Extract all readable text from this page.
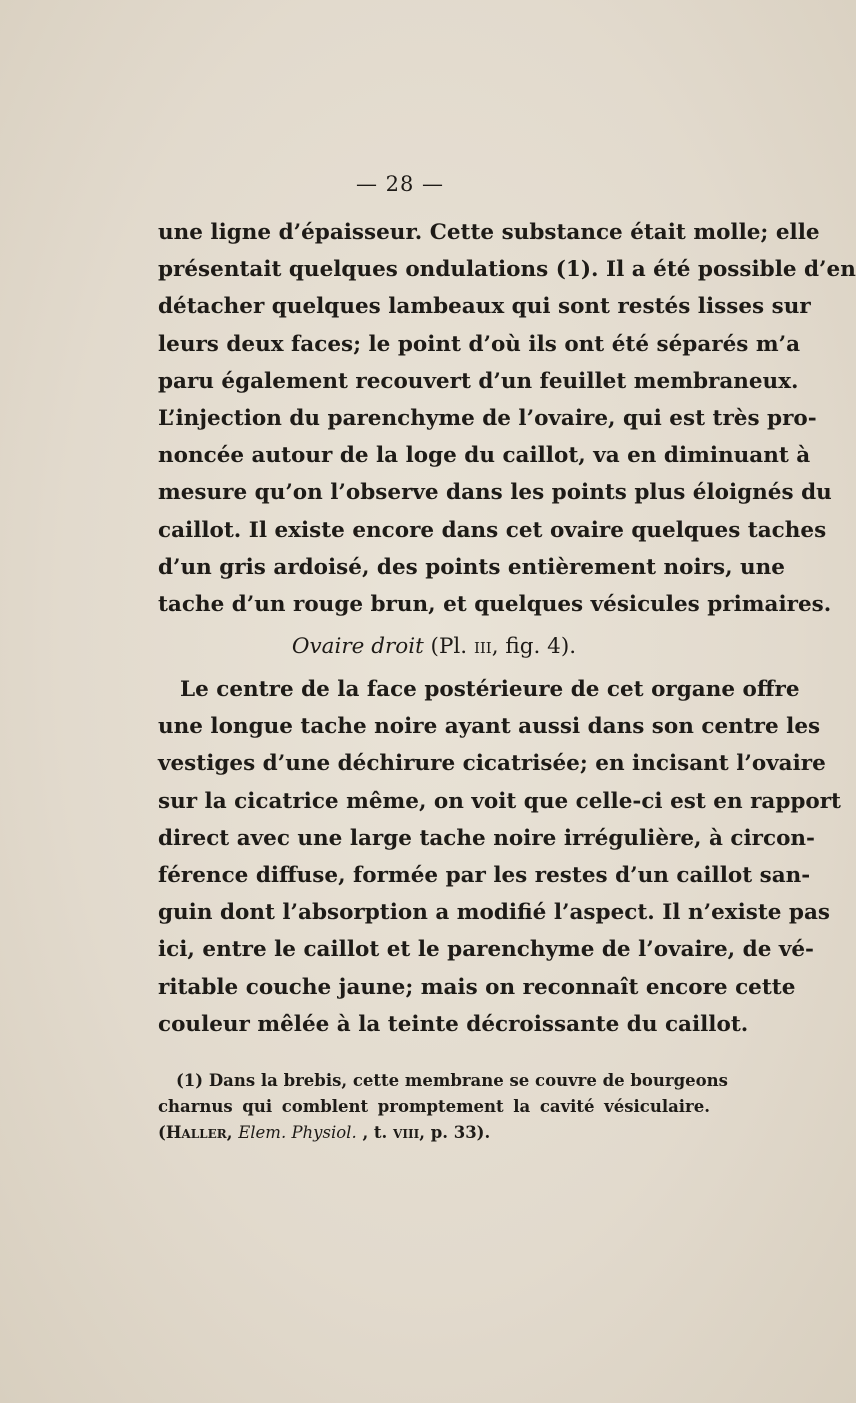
— 28 —
une ligne d’épaisseur. Cette substance était molle; elle
présentait quelques ondulations (1). Il a été possible d’en
détacher quelques lambeaux qui sont restés lisses sur
leurs deux faces; le point d’où ils ont été séparés m’a
paru également recouvert d’un feuillet membraneux.
L’injection du parenchyme de l’ovaire, qui est très pro-
noncée autour de la loge du caillot, va en diminuant à
mesure qu’on l’observe dans les points plus éloignés du
caillot. Il existe encore dans cet ovaire quelques taches
d’un gris ardoisé, des points entièrement noirs, une
tache d’un rouge brun, et quelques vésicules primaires.
Ovaire droit (Pl. iii, fig. 4).
Le centre de la face postérieure de cet organe offre
une longue tache noire ayant aussi dans son centre les
vestiges d’une déchirure cicatrisée; en incisant l’ovaire
sur la cicatrice même, on voit que celle-ci est en rapport
direct avec une large tache noire irrégulière, à circon-
férence diffuse, formée par les restes d’un caillot san-
guin dont l’absorption a modifié l’aspect. Il n’existe pas
ici, entre le caillot et le parenchyme de l’ovaire, de vé-
ritable couche jaune; mais on reconnaît encore cette
couleur mêlée à la teinte décroissante du caillot.
(1) Dans la brebis, cette membrane se couvre de bourgeons
charnus qui comblent promptement la cavité vésiculaire.
(Haller, Elem. Physiol. , t. viii, p. 33).
